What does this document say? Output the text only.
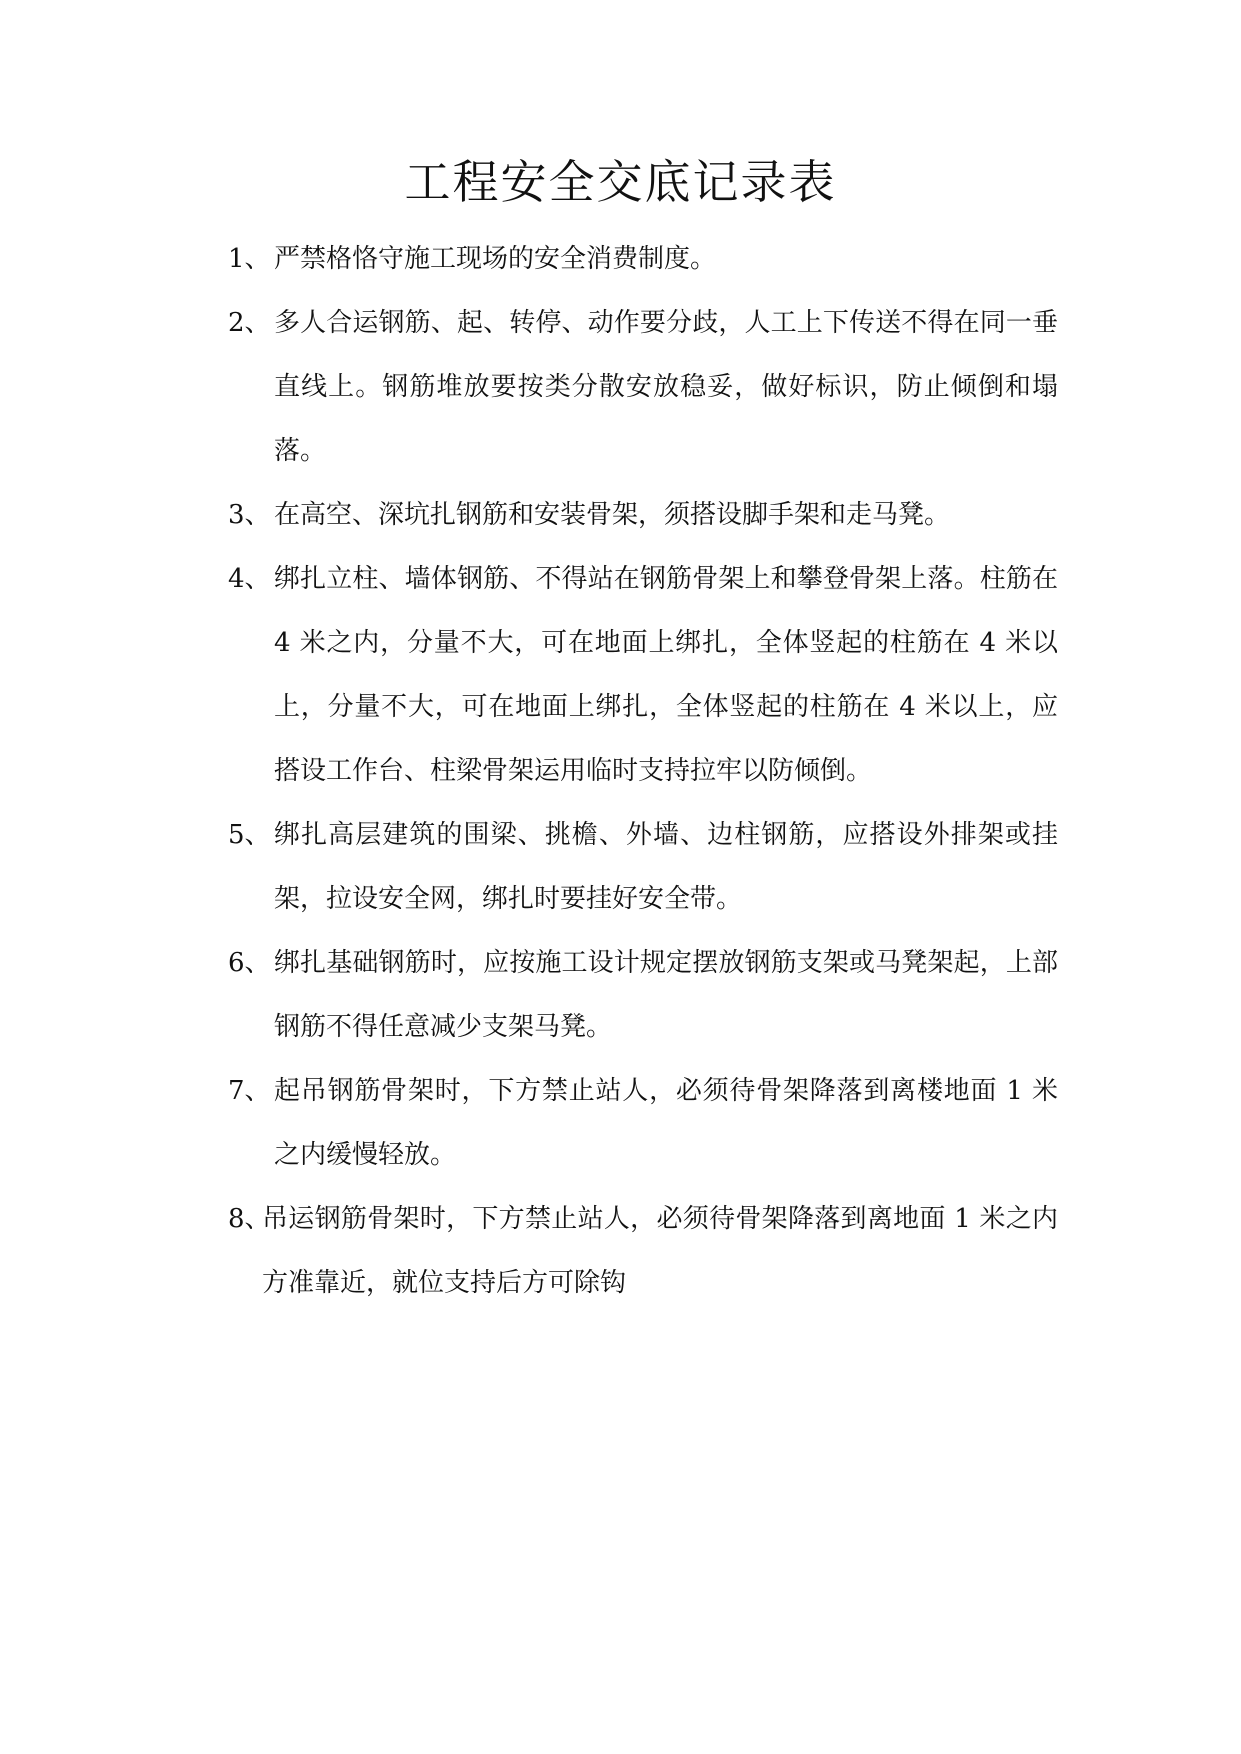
工程安全交底记录表
1、 严禁格恪守施工现场的安全消费制度。
2、 多人合运钢筋、起、转停、动作要分歧，人工上下传送不得在同一垂直线上。钢筋堆放要按类分散安放稳妥，做好标识，防止倾倒和塌落。
3、 在高空、深坑扎钢筋和安装骨架，须搭设脚手架和走马凳。
4、 绑扎立柱、墙体钢筋、不得站在钢筋骨架上和攀登骨架上落。柱筋在 4 米之内，分量不大，可在地面上绑扎，全体竖起的柱筋在 4 米以上，分量不大，可在地面上绑扎，全体竖起的柱筋在 4 米以上，应搭设工作台、柱梁骨架运用临时支持拉牢以防倾倒。
5、 绑扎高层建筑的围梁、挑檐、外墙、边柱钢筋，应搭设外排架或挂架，拉设安全网，绑扎时要挂好安全带。
6、 绑扎基础钢筋时，应按施工设计规定摆放钢筋支架或马凳架起，上部钢筋不得任意减少支架马凳。
7、 起吊钢筋骨架时，下方禁止站人，必须待骨架降落到离楼地面 1 米之内缓慢轻放。
8、
吊运钢筋骨架时，下方禁止站人，必须待骨架降落到离地面 1 米之内方准靠近，就位支持后方可除钩
